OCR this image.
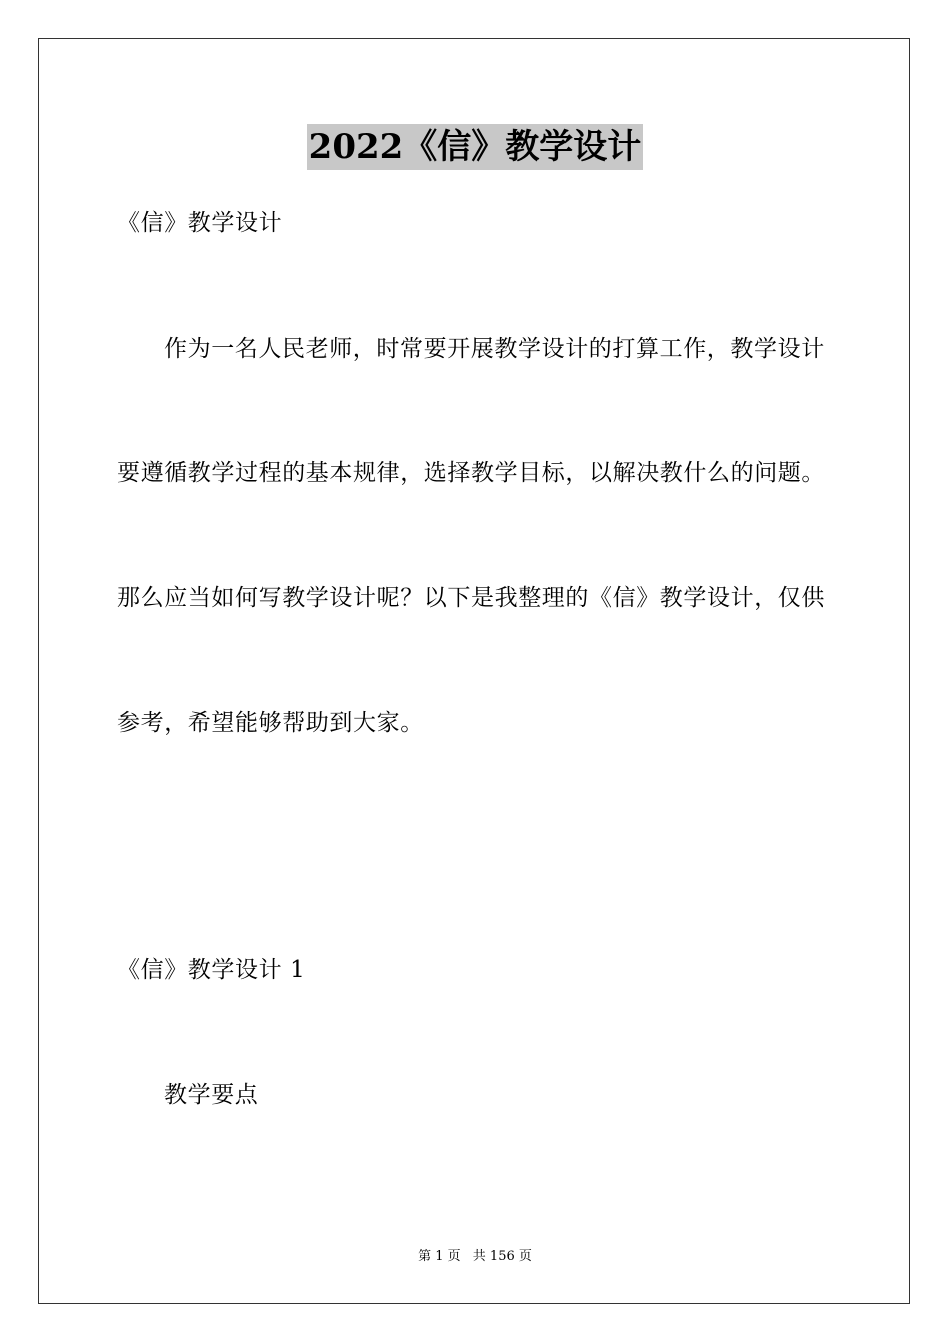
2022《信》教学设计
《信》教学设计
作为一名人民老师，时常要开展教学设计的打算工作，教学设计
要遵循教学过程的基本规律，选择教学目标，以解决教什么的问题。
那么应当如何写教学设计呢？以下是我整理的《信》教学设计，仅供
参考，希望能够帮助到大家。
《信》教学设计 1
教学要点
第 1 页 共 156 页
